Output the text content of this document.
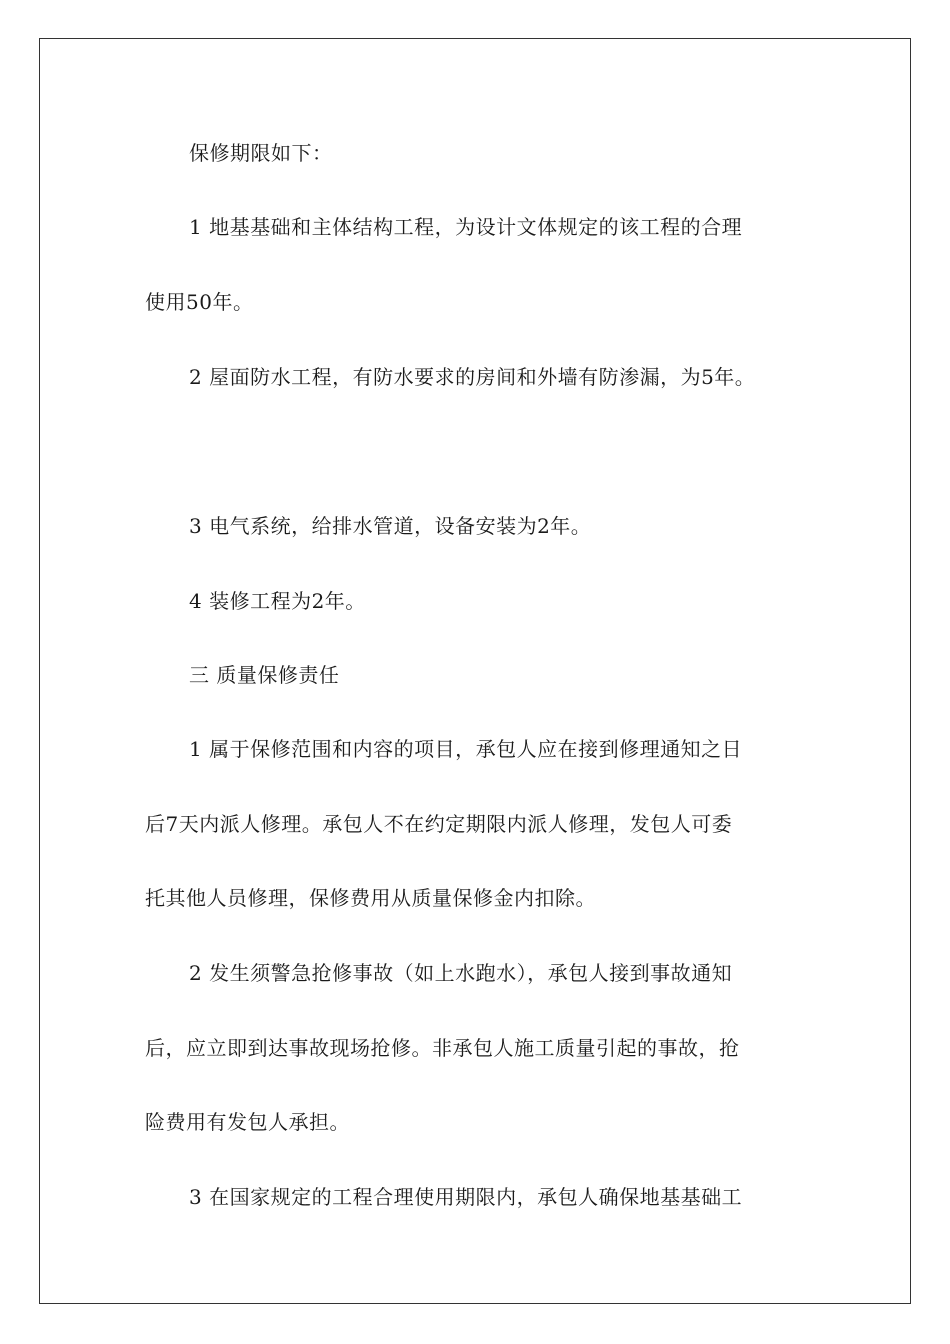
保修期限如下：
1 地基基础和主体结构工程，为设计文体规定的该工程的合理
使用50年。
2 屋面防水工程，有防水要求的房间和外墙有防渗漏，为5年。
3 电气系统，给排水管道，设备安装为2年。
4 装修工程为2年。
三 质量保修责任
1 属于保修范围和内容的项目，承包人应在接到修理通知之日
后7天内派人修理。承包人不在约定期限内派人修理，发包人可委
托其他人员修理，保修费用从质量保修金内扣除。
2 发生须警急抢修事故（如上水跑水），承包人接到事故通知
后，应立即到达事故现场抢修。非承包人施工质量引起的事故，抢
险费用有发包人承担。
3 在国家规定的工程合理使用期限内，承包人确保地基基础工
